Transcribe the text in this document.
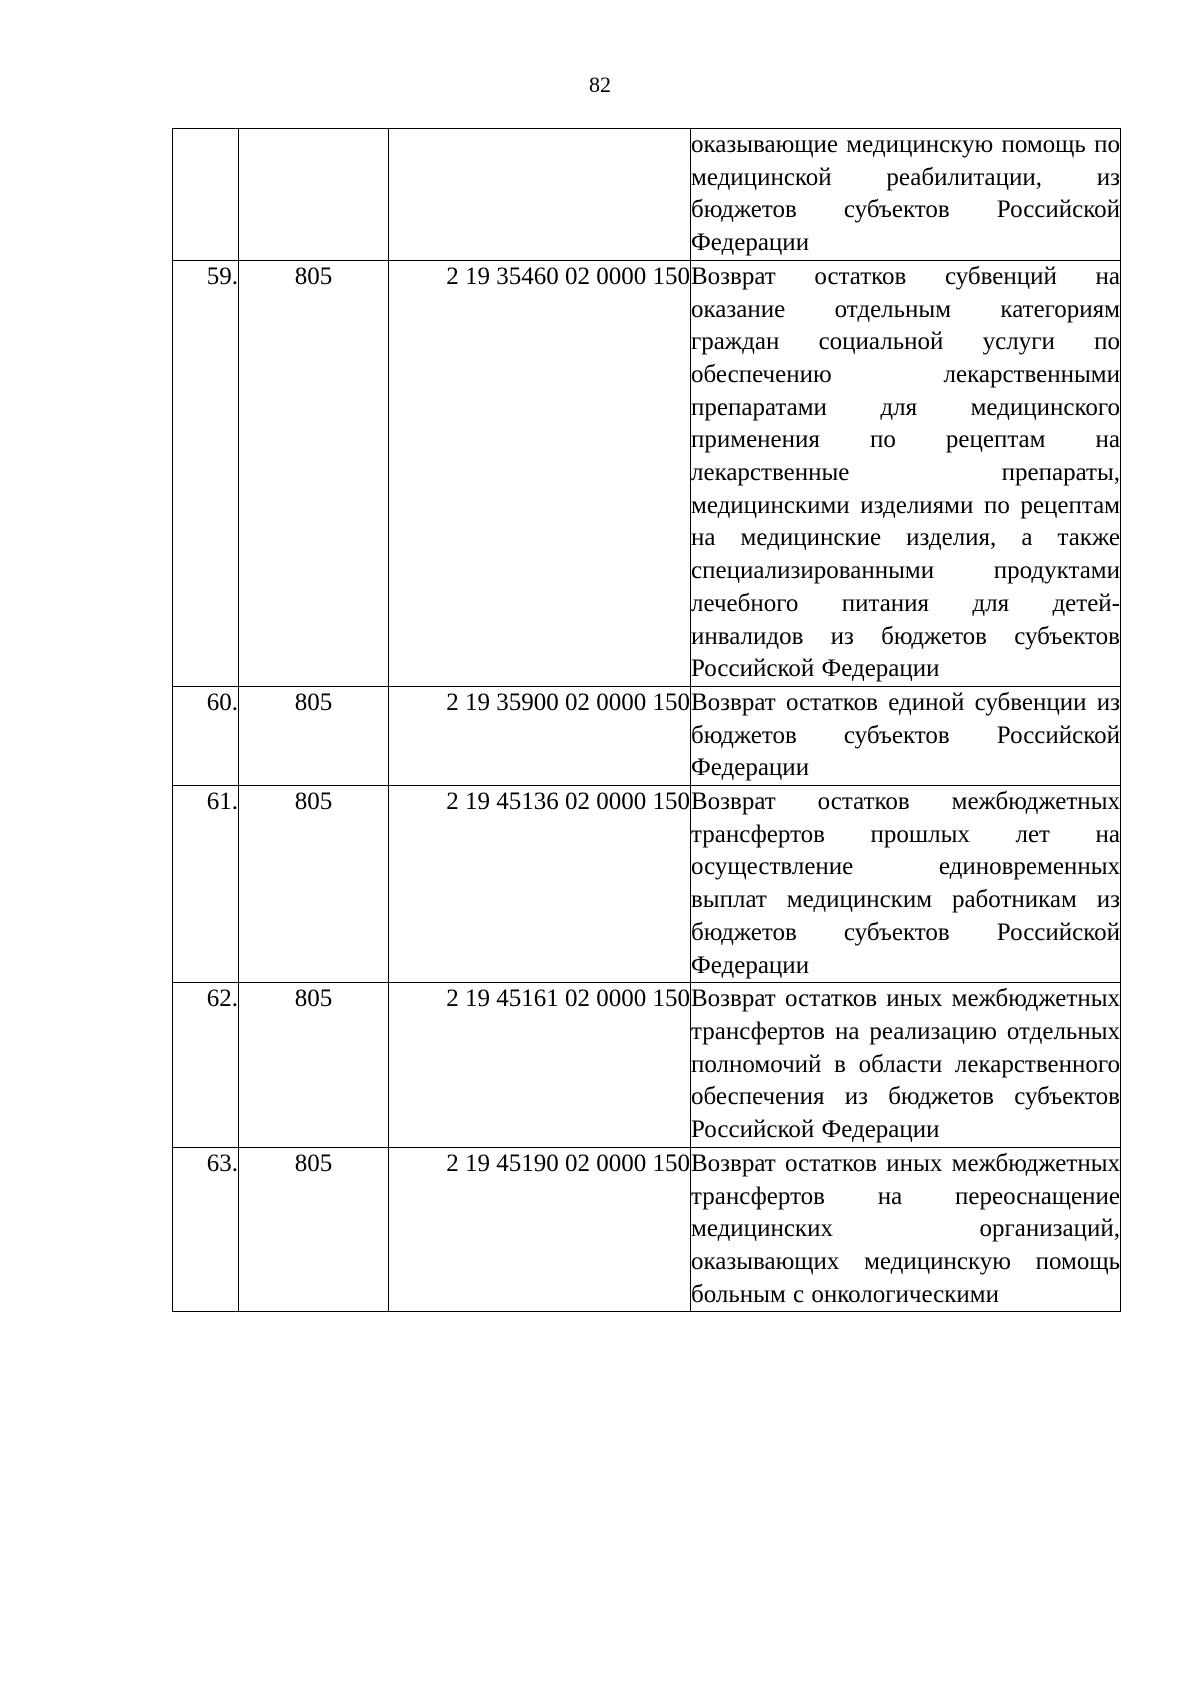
82

			оказывающие медицинскую помощь по медицинской реабилитации, из бюджетов субъектов Российской Федерации

59.	805	2 19 35460 02 0000 150	Возврат остатков субвенций на оказание отдельным категориям граждан социальной услуги по обеспечению лекарственными препаратами для медицинского применения по рецептам на лекарственные препараты, медицинскими изделиями по рецептам на медицинские изделия, а также специализированными продуктами лечебного питания для детей-инвалидов из бюджетов субъектов Российской Федерации

60.	805	2 19 35900 02 0000 150	Возврат остатков единой субвенции из бюджетов субъектов Российской Федерации

61.	805	2 19 45136 02 0000 150	Возврат остатков межбюджетных трансфертов прошлых лет на осуществление единовременных выплат медицинским работникам из бюджетов субъектов Российской Федерации

62.	805	2 19 45161 02 0000 150	Возврат остатков иных межбюджетных трансфертов на реализацию отдельных полномочий в области лекарственного обеспечения из бюджетов субъектов Российской Федерации

63.	805	2 19 45190 02 0000 150	Возврат остатков иных межбюджетных трансфертов на переоснащение медицинских организаций, оказывающих медицинскую помощь больным с онкологическими
